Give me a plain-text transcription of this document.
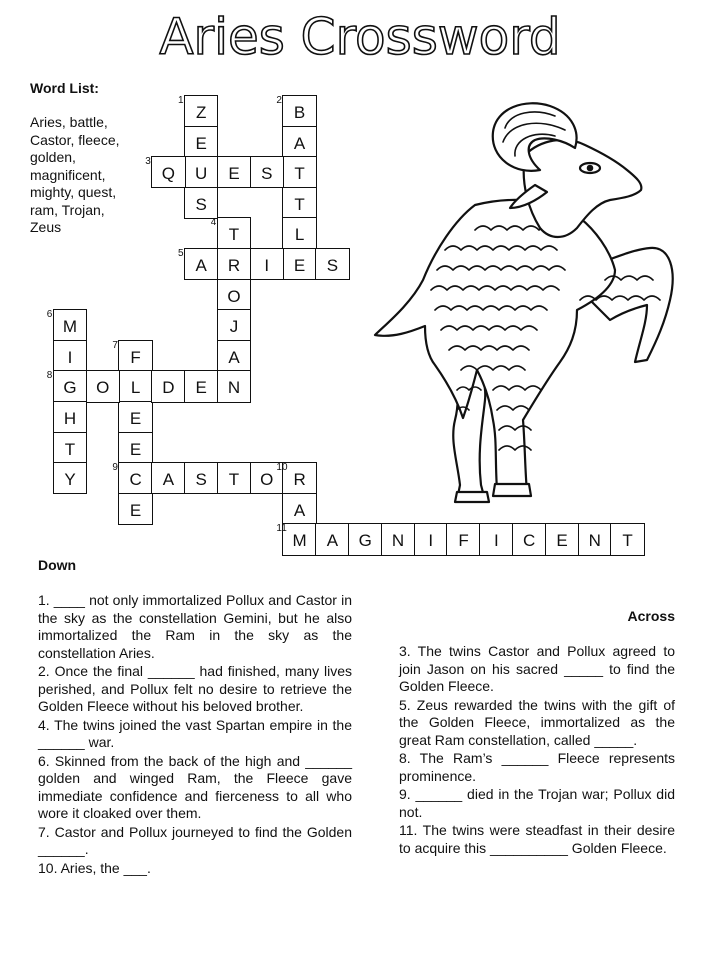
Aries Crossword
Word List:
Aries, battle, Castor, fleece, golden, magnificent, mighty, quest, ram, Trojan, Zeus
Z
E
U
S
B
A
T
T
L
E
Q	E	S
T
R
O
J
A
N
A	I	S
M
I
G
H
T
Y
F
L
E
E
C
E
O	D	E
A	S	T	O	R
A
M	A	G	N	I	F	I	C	E	N	T
1	2
3
4
5
6
7
8
9	10
11
Down
1. ____ not only immortalized Pollux and Castor in the sky as the constellation Gemini, but he also immortalized the Ram in the sky as the constellation Aries.
2. Once the final ______ had finished, many lives perished, and Pollux felt no desire to retrieve the Golden Fleece without his beloved brother.
4. The twins joined the vast Spartan empire in the ______ war.
6. Skinned from the back of the high and ______ golden and winged Ram, the Fleece gave immediate confidence and fierceness to all who wore it cloaked over them.
7. Castor and Pollux journeyed to find the Golden ______.
10. Aries, the ___.
Across
3. The twins Castor and Pollux agreed to join Jason on his sacred _____ to find the Golden Fleece.
5. Zeus rewarded the twins with the gift of the Golden Fleece, immortalized as the great Ram constellation, called _____.
8. The Ram’s ______ Fleece represents prominence.
9. ______ died in the Trojan war; Pollux did not.
11. The twins were steadfast in their desire to acquire this __________ Golden Fleece.
